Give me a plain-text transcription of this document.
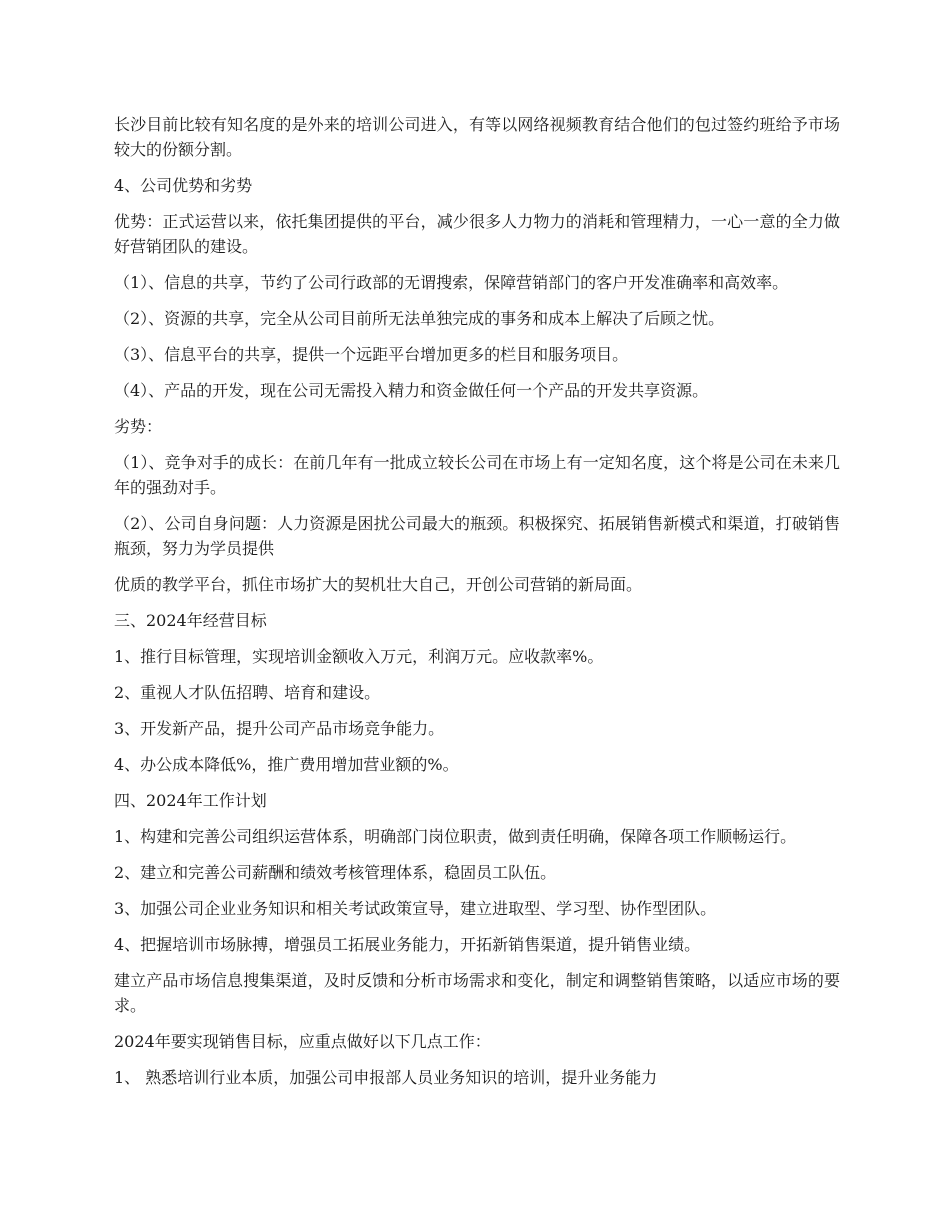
长沙目前比较有知名度的是外来的培训公司进入，有等以网络视频教育结合他们的包过签约班给予市场较大的份额分割。

4、公司优势和劣势

优势：正式运营以来，依托集团提供的平台，减少很多人力物力的消耗和管理精力，一心一意的全力做好营销团队的建设。

（1）、信息的共享，节约了公司行政部的无谓搜索，保障营销部门的客户开发准确率和高效率。

（2）、资源的共享，完全从公司目前所无法单独完成的事务和成本上解决了后顾之忧。

（3）、信息平台的共享，提供一个远距平台增加更多的栏目和服务项目。

（4）、产品的开发，现在公司无需投入精力和资金做任何一个产品的开发共享资源。

劣势：

（1）、竞争对手的成长：在前几年有一批成立较长公司在市场上有一定知名度，这个将是公司在未来几年的强劲对手。

（2）、公司自身问题：人力资源是困扰公司最大的瓶颈。积极探究、拓展销售新模式和渠道，打破销售瓶颈，努力为学员提供

优质的教学平台，抓住市场扩大的契机壮大自己，开创公司营销的新局面。

三、2024年经营目标

1、推行目标管理，实现培训金额收入万元，利润万元。应收款率%。

2、重视人才队伍招聘、培育和建设。

3、开发新产品，提升公司产品市场竞争能力。

4、办公成本降低%，推广费用增加营业额的%。

四、2024年工作计划

1、构建和完善公司组织运营体系，明确部门岗位职责，做到责任明确，保障各项工作顺畅运行。

2、建立和完善公司薪酬和绩效考核管理体系，稳固员工队伍。

3、加强公司企业业务知识和相关考试政策宣导，建立进取型、学习型、协作型团队。

4、把握培训市场脉搏，增强员工拓展业务能力，开拓新销售渠道，提升销售业绩。

建立产品市场信息搜集渠道，及时反馈和分析市场需求和变化，制定和调整销售策略，以适应市场的要求。

2024年要实现销售目标，应重点做好以下几点工作：

1、 熟悉培训行业本质，加强公司申报部人员业务知识的培训，提升业务能力
